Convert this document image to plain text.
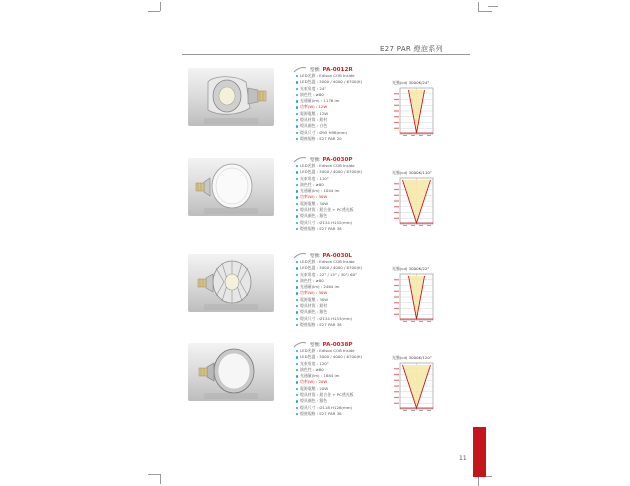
E27 PAR 燈泡系列
型號: PA-0012R
LED光源 : Edison COB Inside
LED色溫 : 3000 / 4000 / 6700(K)
光束角度 : 24°
演色性 : ≥80
光通量(lm) : 1176 lm
功率(W) : 12W
電源電壓 : 12W
燈具材質 : 鋁材
燈具顏色 : 白色
燈具尺寸 : Ø95 H98(mm)
燈座規格 : E27 PAR 20
光強(cd) 3000K/24°
型號: PA-0030P
LED光源 : Edison COB Inside
LED色溫 : 3000 / 4000 / 6700(K)
光束角度 : 110°
演色性 : ≥80
光通量(lm) : 1044 lm
功率(W) : 30W
電源電壓 : 30W
燈具材質 : 鋁合金 + PC透光板
燈具顏色 : 銀色
燈具尺寸 : Ø134 H152(mm)
燈座規格 : E27 PAR 38
光強(cd) 3000K/110°
型號: PA-0030L
LED光源 : Edison COB Inside
LED色溫 : 3000 / 4000 / 6700(K)
光束角度 : 22° / 15° / 30°/ 60°
演色性 : ≥80
光通量(lm) : 2464 lm
功率(W) : 30W
電源電壓 : 30W
燈具材質 : 鋁材
燈具顏色 : 銀色
燈具尺寸 : Ø134 H153(mm)
燈座規格 : E27 PAR 38
光強(cd) 3000K/22°
型號: PA-0038P
LED光源 : Edison COB Inside
LED色溫 : 3000 / 4000 / 6700(K)
光束角度 : 120°
演色性 : ≥80
光通量(lm) : 1884 lm
功率(W) : 20W
電源電壓 : 20W
燈具材質 : 鋁合金 + PC透光板
燈具顏色 : 銀色
燈具尺寸 : Ø118 H126(mm)
燈座規格 : E27 PAR 38
光強(cd) 3000K/120°
11
